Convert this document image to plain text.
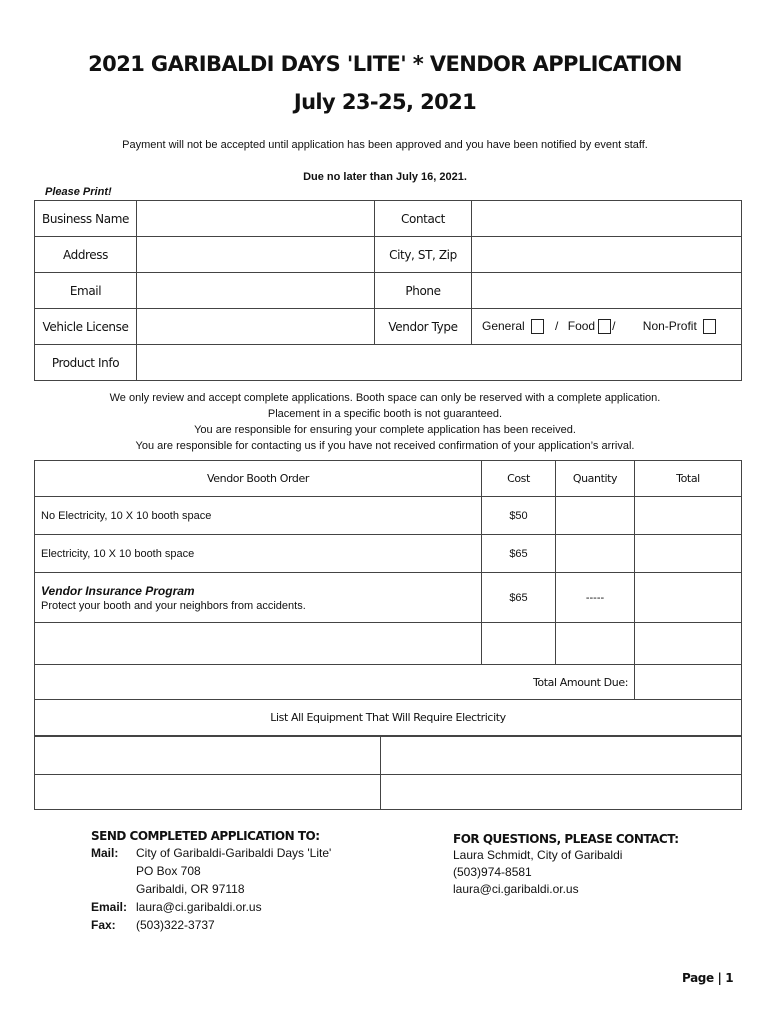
2021 GARIBALDI DAYS 'LITE' * VENDOR APPLICATION
July 23-25, 2021
Payment will not be accepted until application has been approved and you have been notified by event staff.
Due no later than July 16, 2021.
Please Print!
Business Name		Contact	
Address		City, ST, Zip	
Email		Phone	
Vehicle License		Vendor Type	General / Food / Non-Profit
Product Info			
We only review and accept complete applications. Booth space can only be reserved with a complete application.
Placement in a specific booth is not guaranteed.
You are responsible for ensuring your complete application has been received.
You are responsible for contacting us if you have not received confirmation of your application’s arrival.
Vendor Booth Order	Cost	Quantity	Total
No Electricity, 10 X 10 booth space	$50		
Electricity, 10 X 10 booth space	$65		

Vendor Insurance Program
Protect your booth and your neighbors from accidents.	$65	-----	

Total Amount Due:			
List All Equipment That Will Require Electricity			

SEND COMPLETED APPLICATION TO:
Mail:	City of Garibaldi-Garibaldi Days 'Lite'
PO Box 708
Garibaldi, OR 97118
Email: laura@ci.garibaldi.or.us
Fax:	(503)322-3737
FOR QUESTIONS, PLEASE CONTACT:
Laura Schmidt, City of Garibaldi
(503)974-8581
laura@ci.garibaldi.or.us
Page | 1
